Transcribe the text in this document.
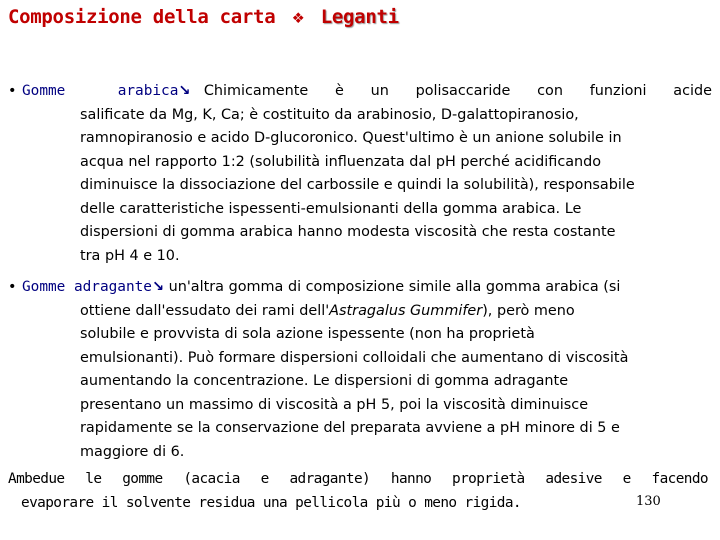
Composizione della carta ❖ Leganti
• Gomme   arabica↘ Chimicamente  è  un  polisaccaride  con  funzioni  acide
salificate da Mg, K, Ca; è costituito da arabinosio, D-galattopiranosio,
ramnopiranosio e acido D-glucoronico. Quest'ultimo è un anione solubile in
acqua nel rapporto 1:2 (solubilità influenzata dal pH perché acidificando
diminuisce la dissociazione del carbossile e quindi la solubilità), responsabile
delle caratteristiche ispessenti-emulsionanti della gomma arabica. Le
dispersioni di gomma arabica hanno modesta viscosità che resta costante
tra pH 4 e 10.
• Gomme adragante↘ un'altra gomma di composizione simile alla gomma arabica (si
ottiene dall'essudato dei rami dell'Astragalus Gummifer), però meno
solubile e provvista di sola azione ispessente (non ha proprietà
emulsionanti). Può formare dispersioni colloidali che aumentano di viscosità
aumentando la concentrazione. Le dispersioni di gomma adragante
presentano un massimo di viscosità a pH 5, poi la viscosità diminuisce
rapidamente se la conservazione del preparata avviene a pH minore di 5 e
maggiore di 6.
Ambedue le gomme (acacia e adragante) hanno proprietà adesive e facendo
evaporare il solvente residua una pellicola più o meno rigida.	130
